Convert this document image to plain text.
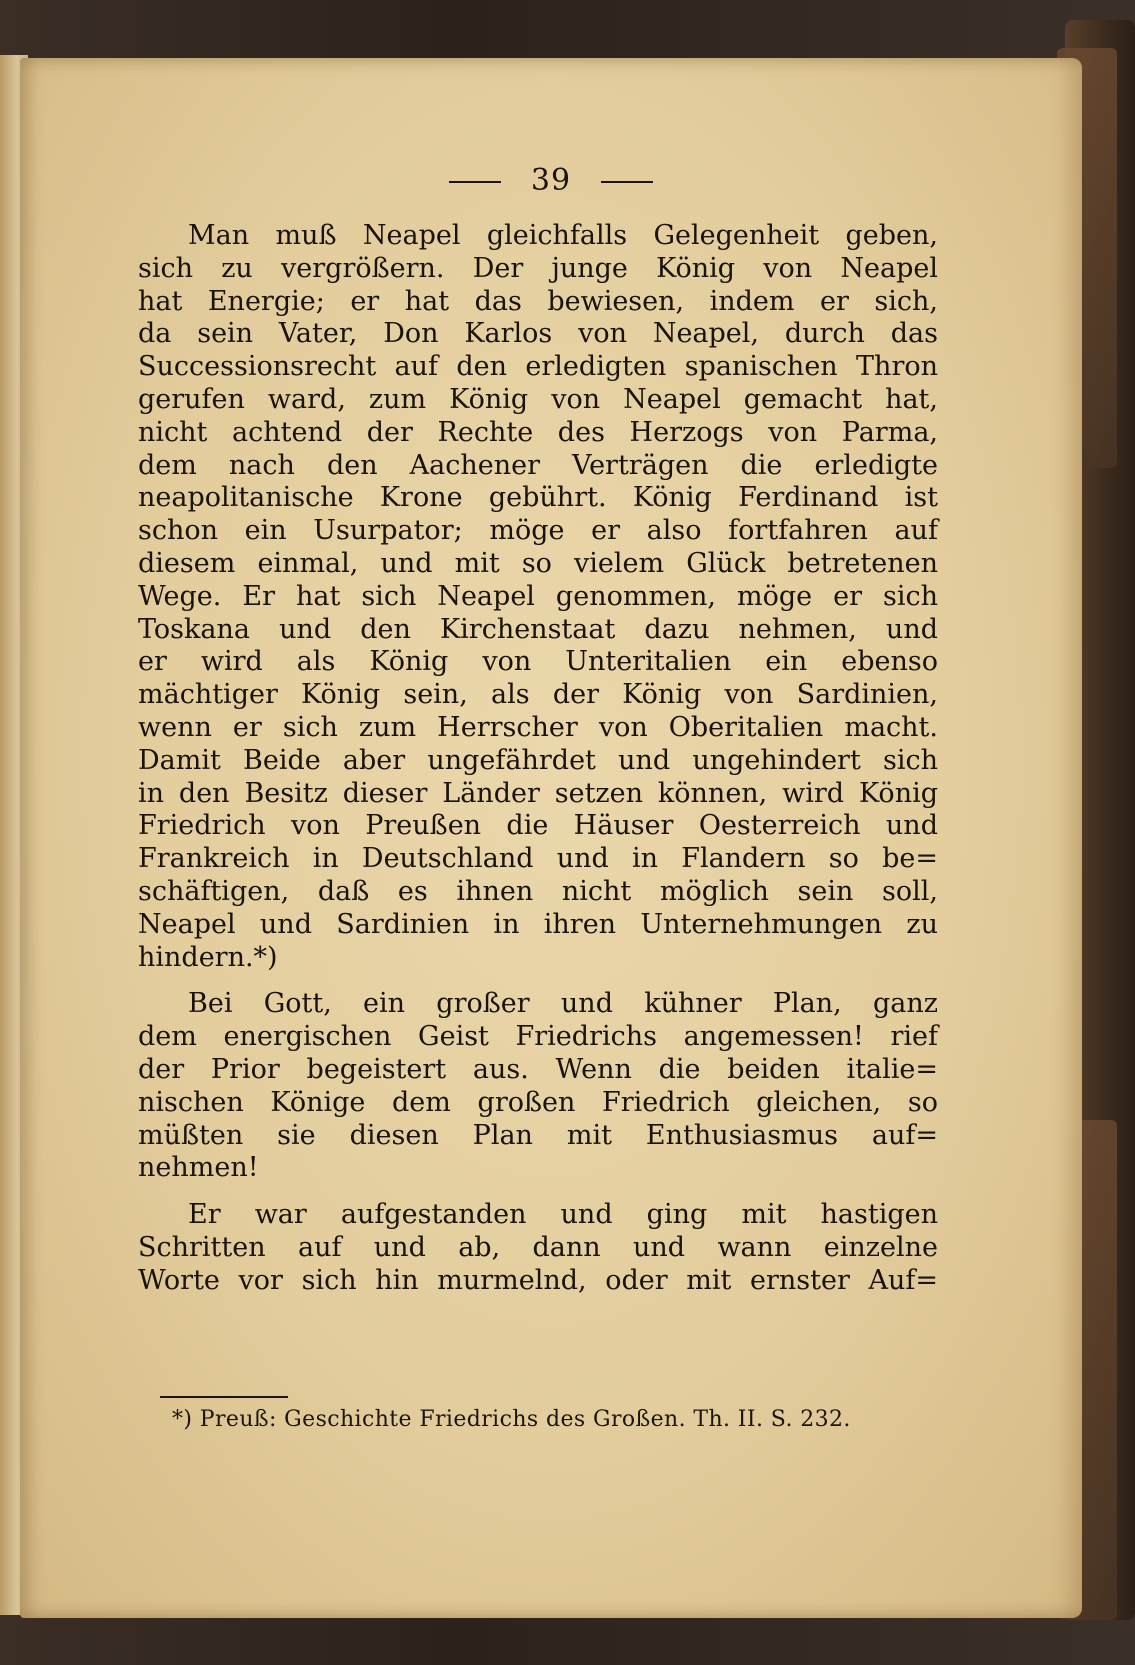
39

Man muß Neapel gleichfalls Gelegenheit geben,
sich zu vergrößern. Der junge König von Neapel
hat Energie; er hat das bewiesen, indem er sich,
da sein Vater, Don Karlos von Neapel, durch das
Successionsrecht auf den erledigten spanischen Thron
gerufen ward, zum König von Neapel gemacht hat,
nicht achtend der Rechte des Herzogs von Parma,
dem nach den Aachener Verträgen die erledigte
neapolitanische Krone gebührt. König Ferdinand ist
schon ein Usurpator; möge er also fortfahren auf
diesem einmal, und mit so vielem Glück betretenen
Wege. Er hat sich Neapel genommen, möge er sich
Toskana und den Kirchenstaat dazu nehmen, und
er wird als König von Unteritalien ein ebenso
mächtiger König sein, als der König von Sardinien,
wenn er sich zum Herrscher von Oberitalien macht.
Damit Beide aber ungefährdet und ungehindert sich
in den Besitz dieser Länder setzen können, wird König
Friedrich von Preußen die Häuser Oesterreich und
Frankreich in Deutschland und in Flandern so be=
schäftigen, daß es ihnen nicht möglich sein soll,
Neapel und Sardinien in ihren Unternehmungen zu
hindern.*)

Bei Gott, ein großer und kühner Plan, ganz
dem energischen Geist Friedrichs angemessen! rief
der Prior begeistert aus. Wenn die beiden italie=
nischen Könige dem großen Friedrich gleichen, so
müßten sie diesen Plan mit Enthusiasmus auf=
nehmen!

Er war aufgestanden und ging mit hastigen
Schritten auf und ab, dann und wann einzelne
Worte vor sich hin murmelnd, oder mit ernster Auf=

*) Preuß: Geschichte Friedrichs des Großen. Th. II. S. 232.
